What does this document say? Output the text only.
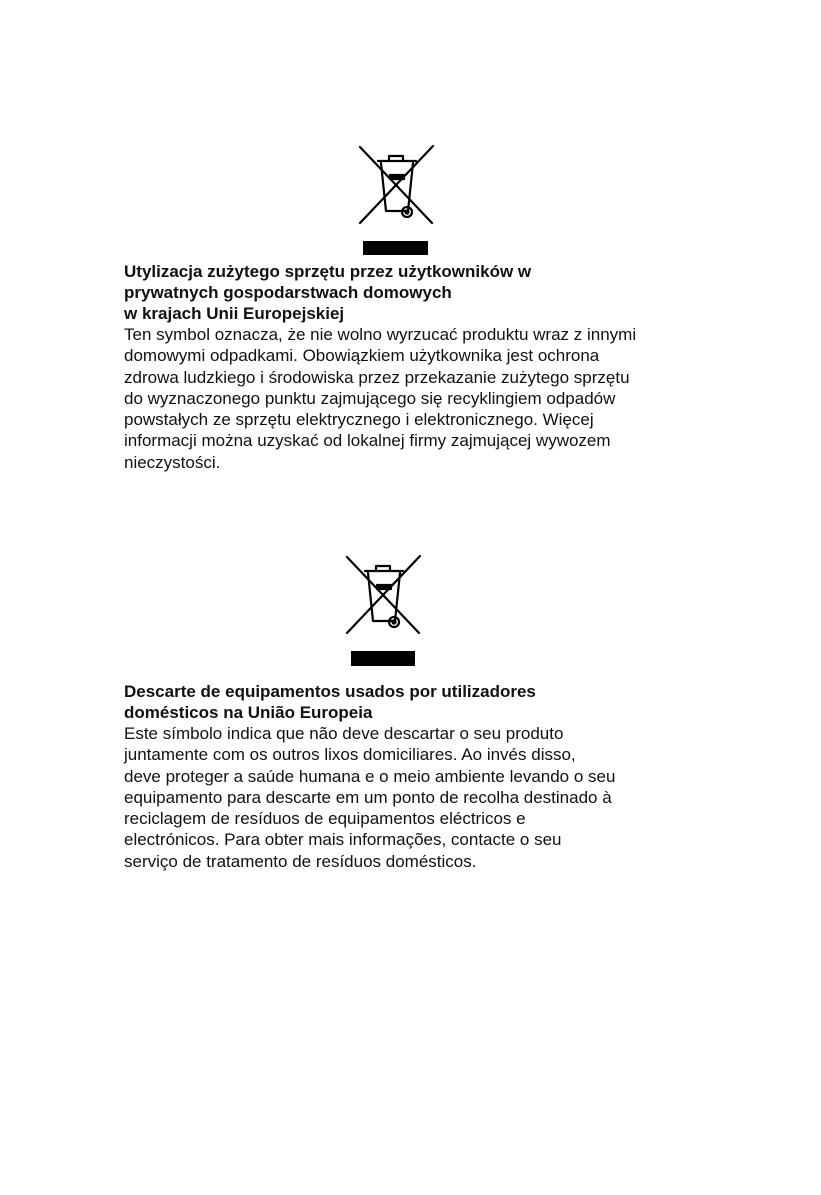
Utylizacja zużytego sprzętu przez użytkowników w
prywatnych gospodarstwach domowych
w krajach Unii Europejskiej
Ten symbol oznacza, że nie wolno wyrzucać produktu wraz z innymi
domowymi odpadkami. Obowiązkiem użytkownika jest ochrona
zdrowa ludzkiego i środowiska przez przekazanie zużytego sprzętu
do wyznaczonego punktu zajmującego się recyklingiem odpadów
powstałych ze sprzętu elektrycznego i elektronicznego. Więcej
informacji można uzyskać od lokalnej firmy zajmującej wywozem
nieczystości.
Descarte de equipamentos usados por utilizadores
domésticos na União Europeia
Este símbolo indica que não deve descartar o seu produto
juntamente com os outros lixos domiciliares. Ao invés disso,
deve proteger a saúde humana e o meio ambiente levando o seu
equipamento para descarte em um ponto de recolha destinado à
reciclagem de resíduos de equipamentos eléctricos e
electrónicos. Para obter mais informações, contacte o seu
serviço de tratamento de resíduos domésticos.
